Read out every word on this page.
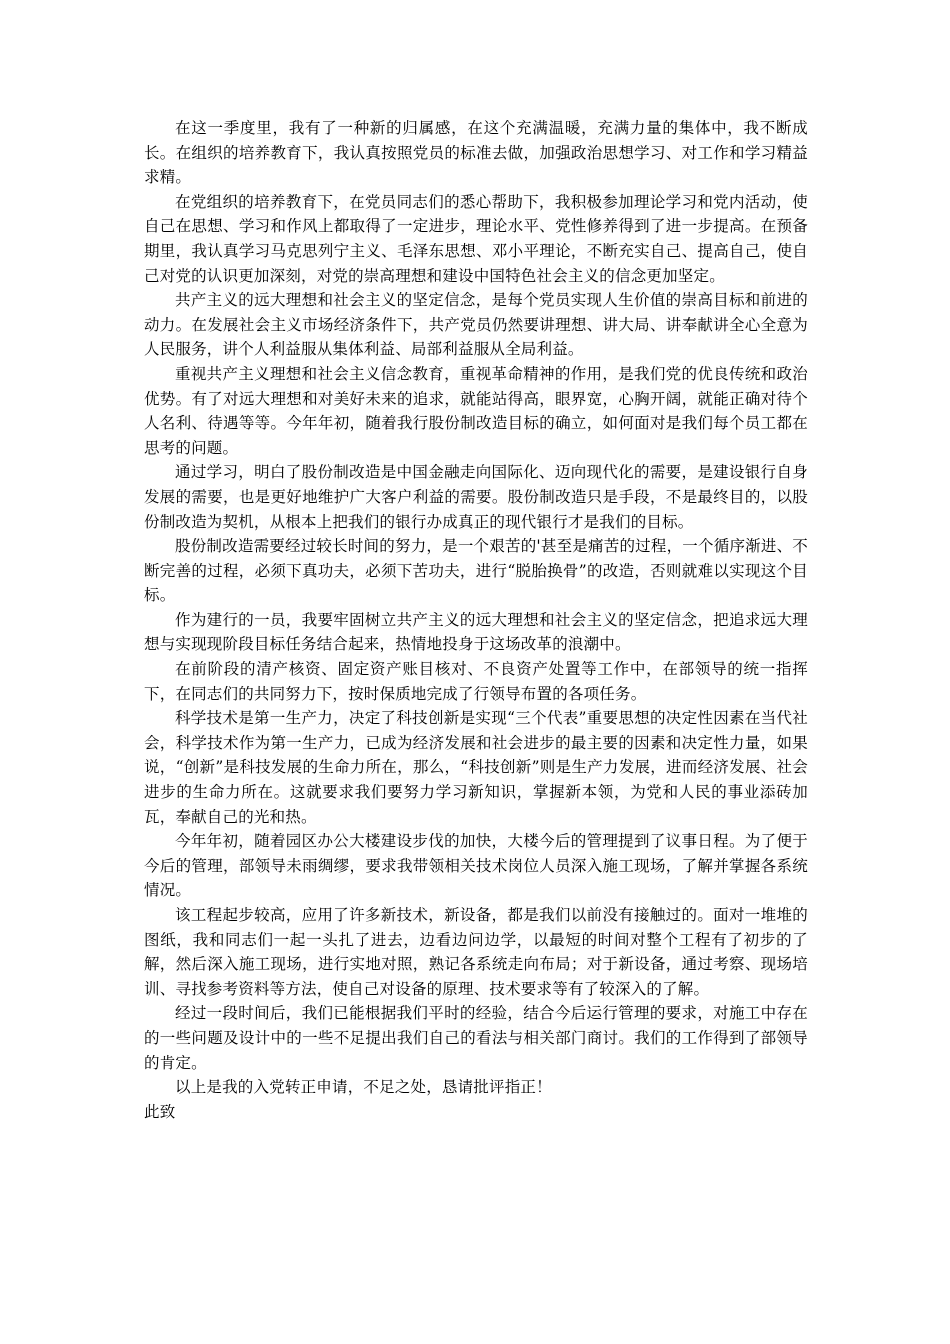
在这一季度里，我有了一种新的归属感，在这个充满温暖，充满力量的集体中，我不断成长。在组织的培养教育下，我认真按照党员的标准去做，加强政治思想学习、对工作和学习精益求精。

在党组织的培养教育下，在党员同志们的悉心帮助下，我积极参加理论学习和党内活动，使自己在思想、学习和作风上都取得了一定进步，理论水平、党性修养得到了进一步提高。在预备期里，我认真学习马克思列宁主义、毛泽东思想、邓小平理论，不断充实自己、提高自己，使自己对党的认识更加深刻，对党的崇高理想和建设中国特色社会主义的信念更加坚定。

共产主义的远大理想和社会主义的坚定信念，是每个党员实现人生价值的崇高目标和前进的动力。在发展社会主义市场经济条件下，共产党员仍然要讲理想、讲大局、讲奉献讲全心全意为人民服务，讲个人利益服从集体利益、局部利益服从全局利益。

重视共产主义理想和社会主义信念教育，重视革命精神的作用，是我们党的优良传统和政治优势。有了对远大理想和对美好未来的追求，就能站得高，眼界宽，心胸开阔，就能正确对待个人名利、待遇等等。今年年初，随着我行股份制改造目标的确立，如何面对是我们每个员工都在思考的问题。

通过学习，明白了股份制改造是中国金融走向国际化、迈向现代化的需要，是建设银行自身发展的需要，也是更好地维护广大客户利益的需要。股份制改造只是手段，不是最终目的，以股份制改造为契机，从根本上把我们的银行办成真正的现代银行才是我们的目标。

股份制改造需要经过较长时间的努力，是一个艰苦的'甚至是痛苦的过程，一个循序渐进、不断完善的过程，必须下真功夫，必须下苦功夫，进行“脱胎换骨”的改造，否则就难以实现这个目标。

作为建行的一员，我要牢固树立共产主义的远大理想和社会主义的坚定信念，把追求远大理想与实现现阶段目标任务结合起来，热情地投身于这场改革的浪潮中。

在前阶段的清产核资、固定资产账目核对、不良资产处置等工作中，在部领导的统一指挥下，在同志们的共同努力下，按时保质地完成了行领导布置的各项任务。

科学技术是第一生产力，决定了科技创新是实现“三个代表”重要思想的决定性因素在当代社会，科学技术作为第一生产力，已成为经济发展和社会进步的最主要的因素和决定性力量，如果说，“创新”是科技发展的生命力所在，那么，“科技创新”则是生产力发展，进而经济发展、社会进步的生命力所在。这就要求我们要努力学习新知识，掌握新本领，为党和人民的事业添砖加瓦，奉献自己的光和热。

今年年初，随着园区办公大楼建设步伐的加快，大楼今后的管理提到了议事日程。为了便于今后的管理，部领导未雨绸缪，要求我带领相关技术岗位人员深入施工现场，了解并掌握各系统情况。

该工程起步较高，应用了许多新技术，新设备，都是我们以前没有接触过的。面对一堆堆的图纸，我和同志们一起一头扎了进去，边看边问边学，以最短的时间对整个工程有了初步的了解，然后深入施工现场，进行实地对照，熟记各系统走向布局；对于新设备，通过考察、现场培训、寻找参考资料等方法，使自己对设备的原理、技术要求等有了较深入的了解。

经过一段时间后，我们已能根据我们平时的经验，结合今后运行管理的要求，对施工中存在的一些问题及设计中的一些不足提出我们自己的看法与相关部门商讨。我们的工作得到了部领导的肯定。

以上是我的入党转正申请，不足之处，恳请批评指正！

此致
